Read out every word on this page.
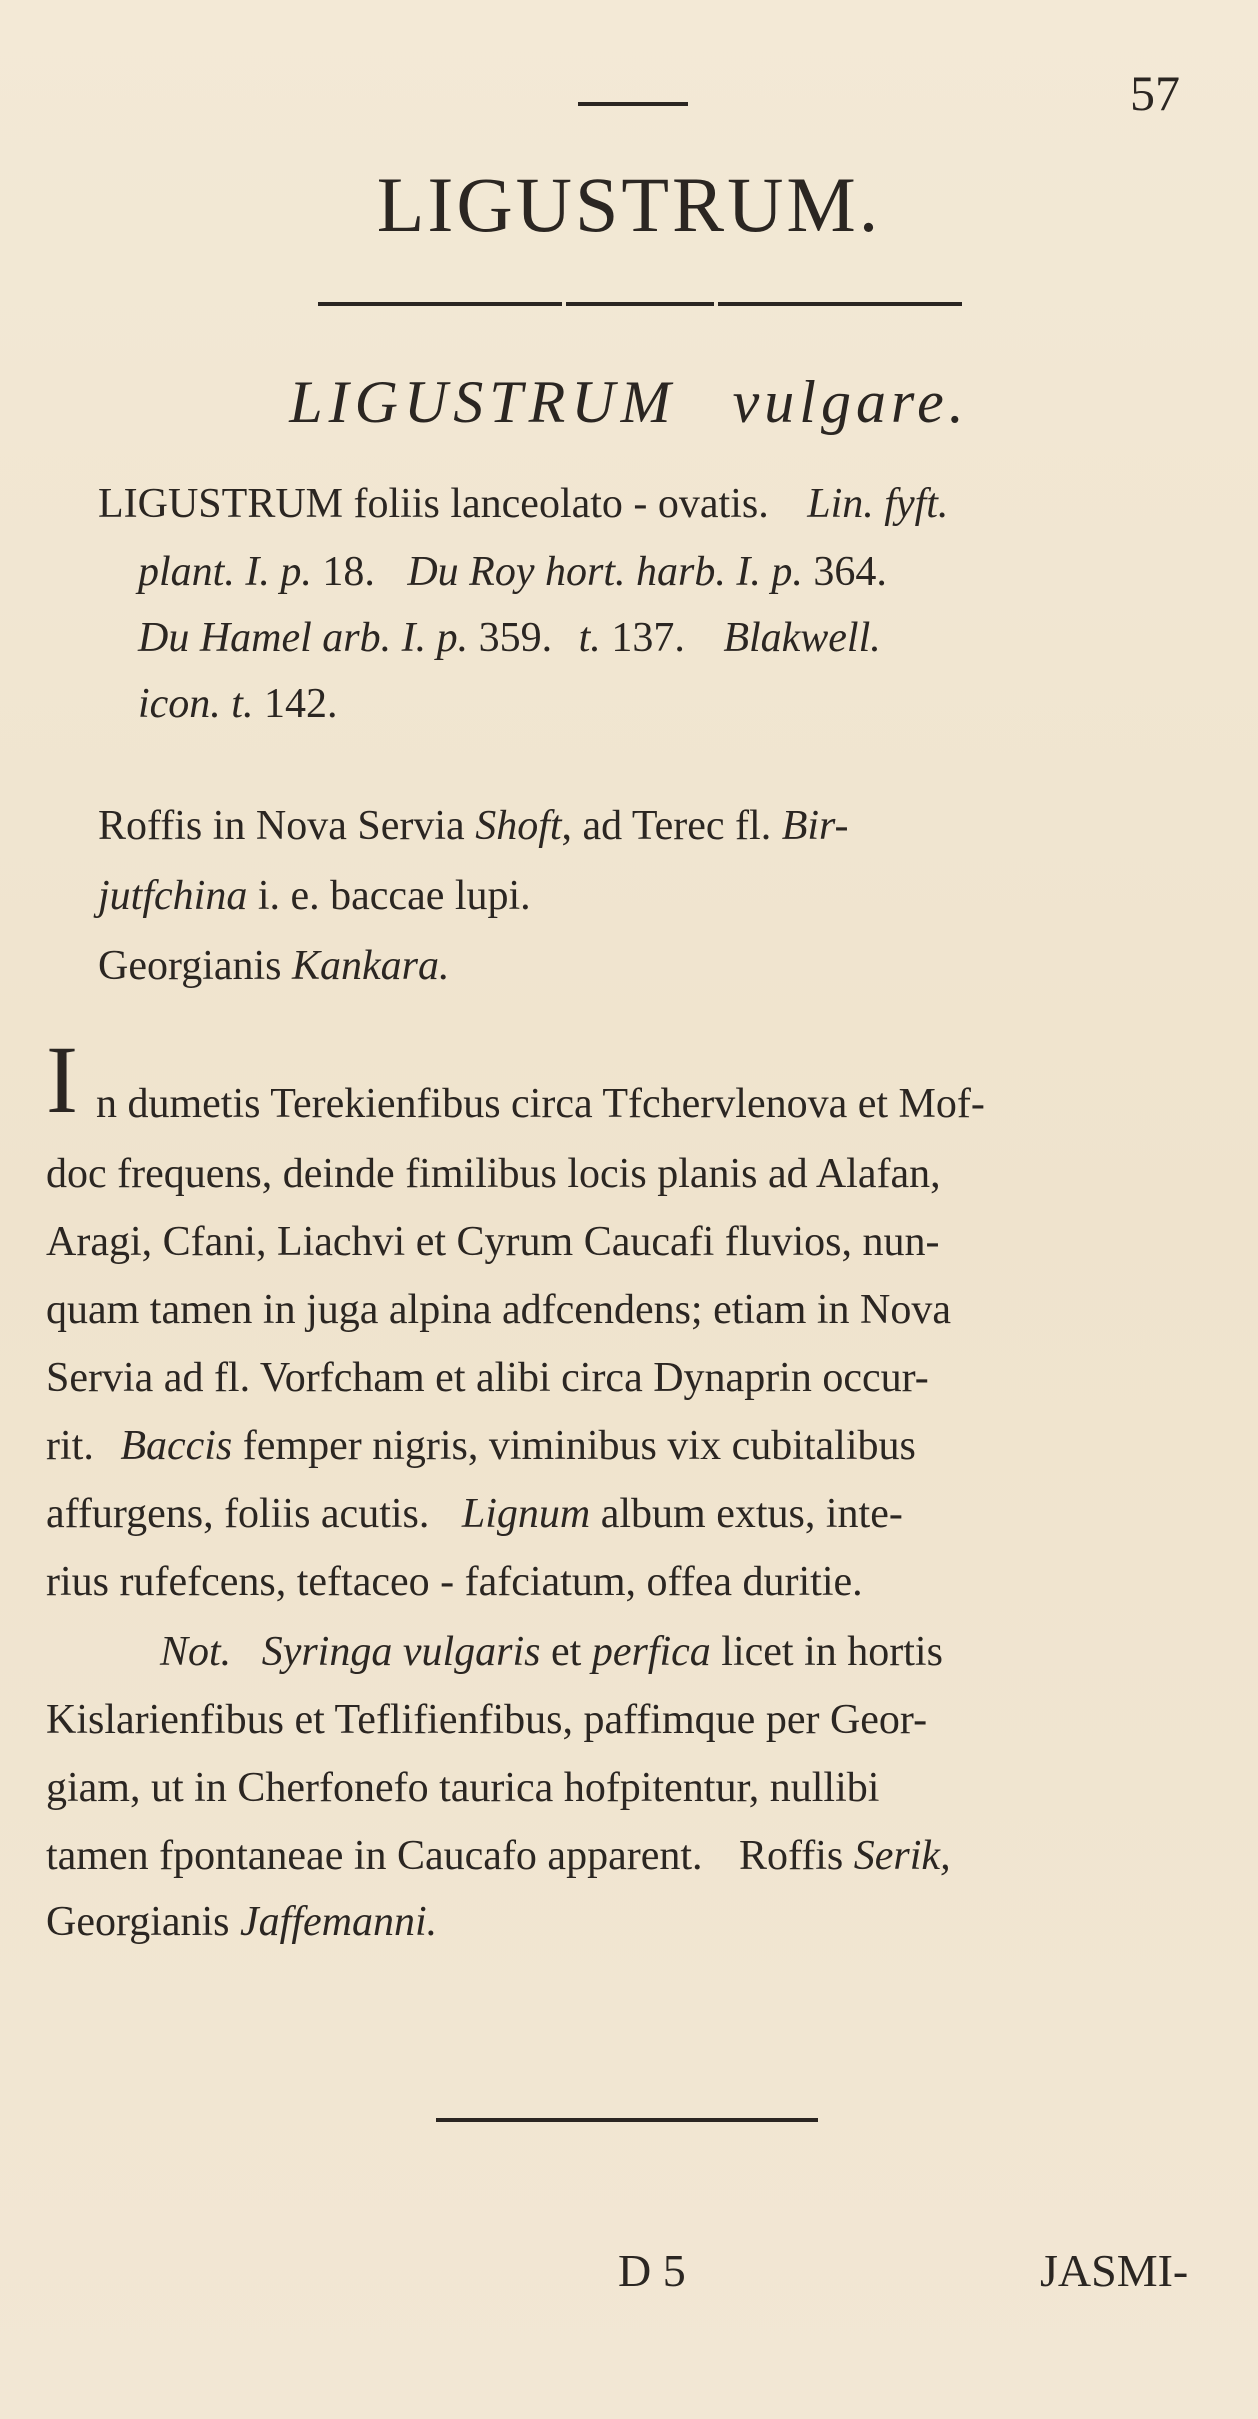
57
LIGUSTRUM.
LIGUSTRUM vulgare.
LIGUSTRUM foliis lanceolato - ovatis. Lin. fyft.
plant. I. p. 18. Du Roy hort. harb. I. p. 364.
Du Hamel arb. I. p. 359. t. 137. Blakwell.
icon. t. 142.
Roffis in Nova Servia Shoft, ad Terec fl. Bir-
jutfchina i. e. baccae lupi.
Georgianis Kankara.
I n dumetis Terekienfibus circa Tfchervlenova et Mof-
doc frequens, deinde fimilibus locis planis ad Alafan,
Aragi, Cfani, Liachvi et Cyrum Caucafi fluvios, nun-
quam tamen in juga alpina adfcendens; etiam in Nova
Servia ad fl. Vorfcham et alibi circa Dynaprin occur-
rit. Baccis femper nigris, viminibus vix cubitalibus
affurgens, foliis acutis. Lignum album extus, inte-
rius rufefcens, teftaceo - fafciatum, offea duritie.
Not. Syringa vulgaris et perfica licet in hortis
Kislarienfibus et Teflifienfibus, paffimque per Geor-
giam, ut in Cherfonefo taurica hofpitentur, nullibi
tamen fpontaneae in Caucafo apparent. Roffis Serik,
Georgianis Jaffemanni.
D 5	JASMI-
